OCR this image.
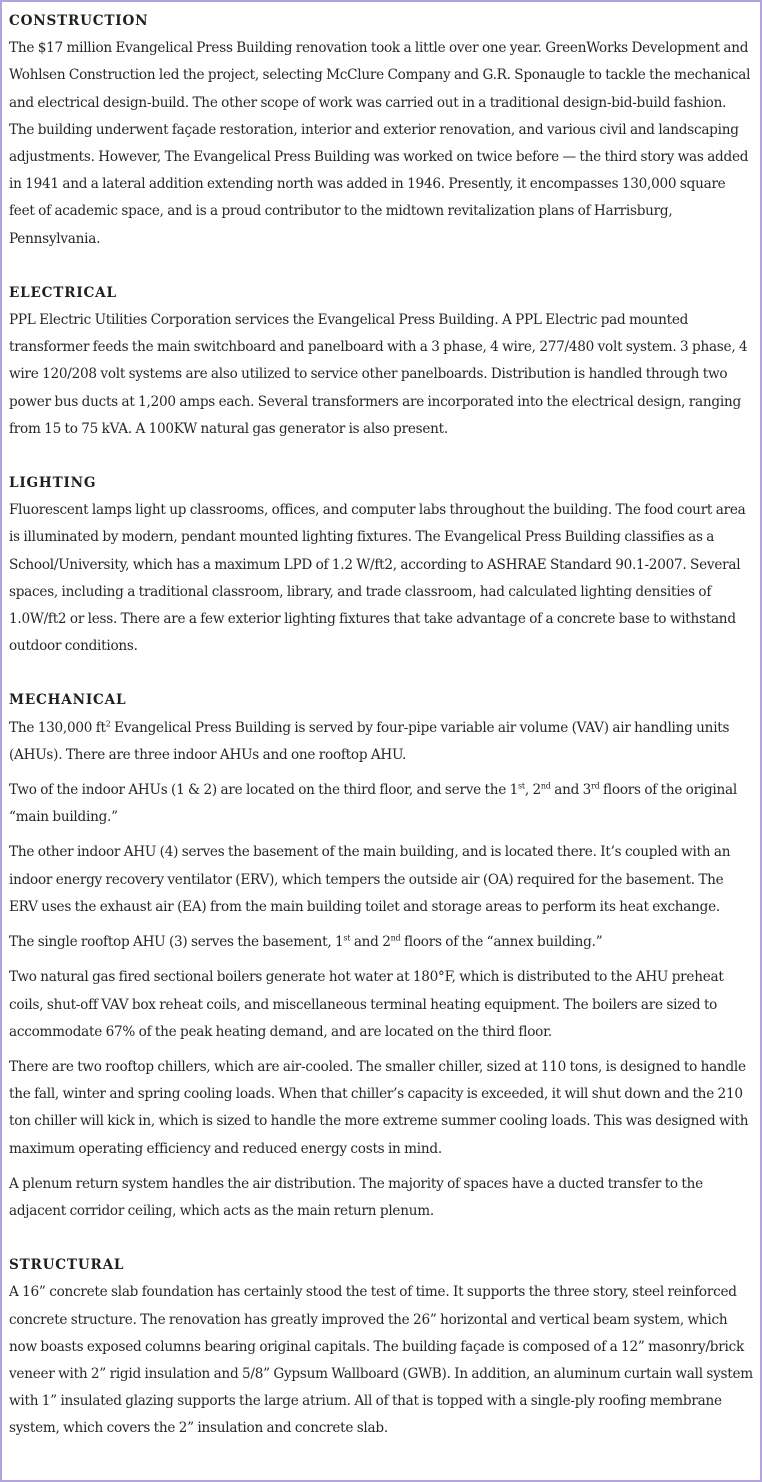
CONSTRUCTION

The $17 million Evangelical Press Building renovation took a little over one year. GreenWorks Development and Wohlsen Construction led the project, selecting McClure Company and G.R. Sponaugle to tackle the mechanical and electrical design-build. The other scope of work was carried out in a traditional design-bid-build fashion. The building underwent façade restoration, interior and exterior renovation, and various civil and landscaping adjustments. However, The Evangelical Press Building was worked on twice before — the third story was added in 1941 and a lateral addition extending north was added in 1946. Presently, it encompasses 130,000 square feet of academic space, and is a proud contributor to the midtown revitalization plans of Harrisburg, Pennsylvania.

ELECTRICAL

PPL Electric Utilities Corporation services the Evangelical Press Building. A PPL Electric pad mounted transformer feeds the main switchboard and panelboard with a 3 phase, 4 wire, 277/480 volt system. 3 phase, 4 wire 120/208 volt systems are also utilized to service other panelboards. Distribution is handled through two power bus ducts at 1,200 amps each. Several transformers are incorporated into the electrical design, ranging from 15 to 75 kVA. A 100KW natural gas generator is also present.

LIGHTING

Fluorescent lamps light up classrooms, offices, and computer labs throughout the building. The food court area is illuminated by modern, pendant mounted lighting fixtures. The Evangelical Press Building classifies as a School/University, which has a maximum LPD of 1.2 W/ft2, according to ASHRAE Standard 90.1-2007. Several spaces, including a traditional classroom, library, and trade classroom, had calculated lighting densities of 1.0W/ft2 or less. There are a few exterior lighting fixtures that take advantage of a concrete base to withstand outdoor conditions.

MECHANICAL

The 130,000 $ft^2$ Evangelical Press Building is served by four-pipe variable air volume (VAV) air handling units (AHUs). There are three indoor AHUs and one rooftop AHU.

Two of the indoor AHUs (1 & 2) are located on the third floor, and serve the 1st, 2nd and 3rd floors of the original “main building.”

The other indoor AHU (4) serves the basement of the main building, and is located there. It’s coupled with an indoor energy recovery ventilator (ERV), which tempers the outside air (OA) required for the basement. The ERV uses the exhaust air (EA) from the main building toilet and storage areas to perform its heat exchange.

The single rooftop AHU (3) serves the basement, 1st and 2nd floors of the “annex building.”

Two natural gas fired sectional boilers generate hot water at 180°F, which is distributed to the AHU preheat coils, shut-off VAV box reheat coils, and miscellaneous terminal heating equipment. The boilers are sized to accommodate 67% of the peak heating demand, and are located on the third floor.

There are two rooftop chillers, which are air-cooled. The smaller chiller, sized at 110 tons, is designed to handle the fall, winter and spring cooling loads. When that chiller’s capacity is exceeded, it will shut down and the 210 ton chiller will kick in, which is sized to handle the more extreme summer cooling loads. This was designed with maximum operating efficiency and reduced energy costs in mind.

A plenum return system handles the air distribution. The majority of spaces have a ducted transfer to the adjacent corridor ceiling, which acts as the main return plenum.

STRUCTURAL

A 16” concrete slab foundation has certainly stood the test of time. It supports the three story, steel reinforced concrete structure. The renovation has greatly improved the 26” horizontal and vertical beam system, which now boasts exposed columns bearing original capitals. The building façade is composed of a 12” masonry/brick veneer with 2” rigid insulation and 5/8” Gypsum Wallboard (GWB). In addition, an aluminum curtain wall system with 1” insulated glazing supports the large atrium. All of that is topped with a single-ply roofing membrane system, which covers the 2” insulation and concrete slab.
